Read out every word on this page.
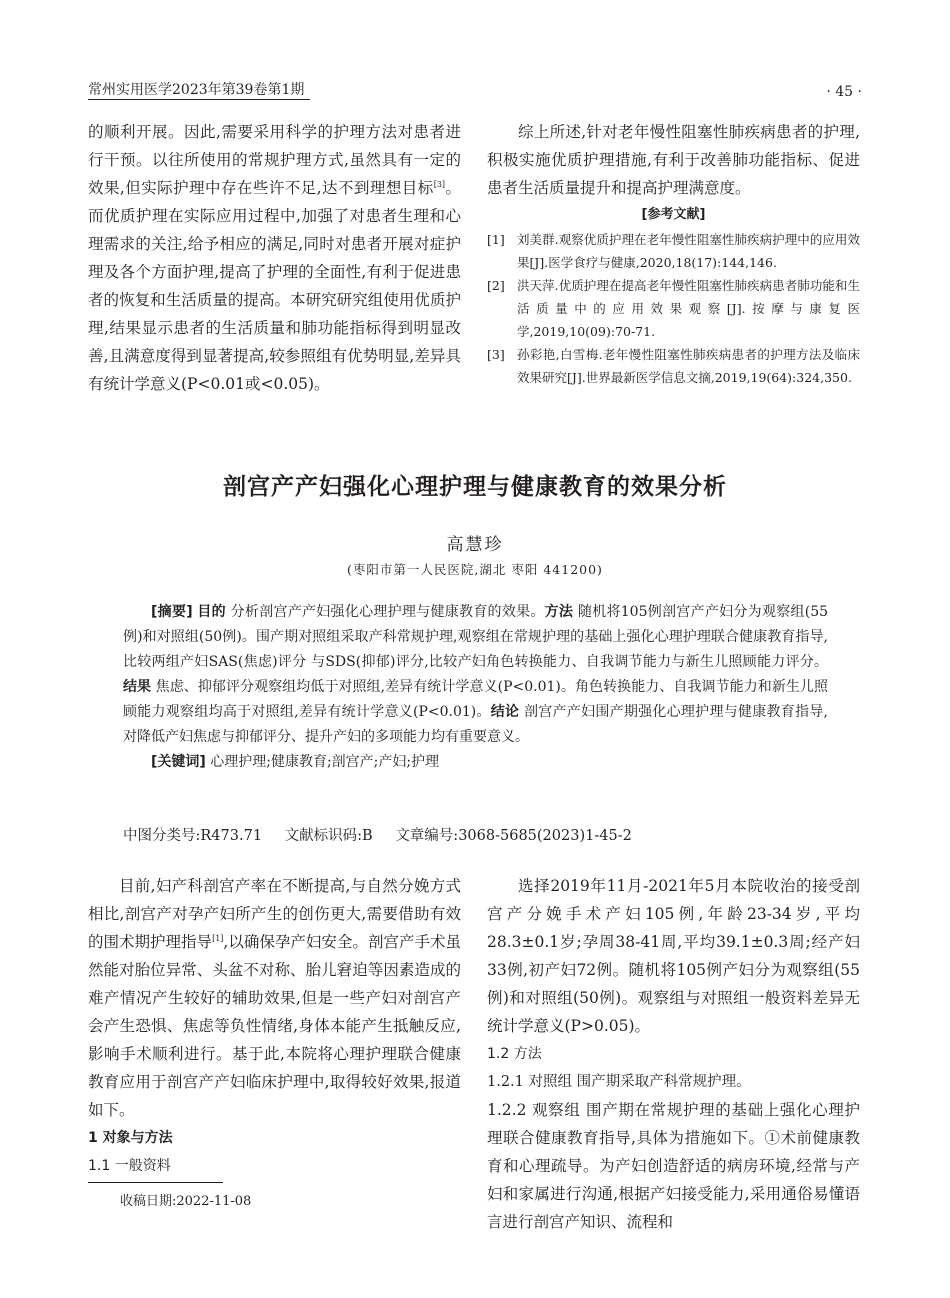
常州实用医学2023年第39卷第1期	· 45 ·

的顺利开展。因此,需要采用科学的护理方法对患者进行干预。以往所使用的常规护理方式,虽然具有一定的效果,但实际护理中存在些许不足,达不到理想目标[3]。而优质护理在实际应用过程中,加强了对患者生理和心理需求的关注,给予相应的满足,同时对患者开展对症护理及各个方面护理,提高了护理的全面性,有利于促进患者的恢复和生活质量的提高。本研究研究组使用优质护理,结果显示患者的生活质量和肺功能指标得到明显改善,且满意度得到显著提高,较参照组有优势明显,差异具有统计学意义(P<0.01或<0.05)。

综上所述,针对老年慢性阻塞性肺疾病患者的护理,积极实施优质护理措施,有利于改善肺功能指标、促进患者生活质量提升和提高护理满意度。

[参考文献]
[1] 刘美群.观察优质护理在老年慢性阻塞性肺疾病护理中的应用效果[J].医学食疗与健康,2020,18(17):144,146.
[2] 洪天萍.优质护理在提高老年慢性阻塞性肺疾病患者肺功能和生活质量中的应用效果观察[J].按摩与康复医学,2019,10(09):70-71.
[3] 孙彩艳,白雪梅.老年慢性阻塞性肺疾病患者的护理方法及临床效果研究[J].世界最新医学信息文摘,2019,19(64):324,350.
剖宫产产妇强化心理护理与健康教育的效果分析
高慧珍
(枣阳市第一人民医院,湖北 枣阳 441200)

[摘要] 目的 分析剖宫产产妇强化心理护理与健康教育的效果。方法 随机将105例剖宫产产妇分为观察组(55例)和对照组(50例)。围产期对照组采取产科常规护理,观察组在常规护理的基础上强化心理护理联合健康教育指导,比较两组产妇SAS(焦虑)评分 与SDS(抑郁)评分,比较产妇角色转换能力、自我调节能力与新生儿照顾能力评分。结果 焦虑、抑郁评分观察组均低于对照组,差异有统计学意义(P<0.01)。角色转换能力、自我调节能力和新生儿照顾能力观察组均高于对照组,差异有统计学意义(P<0.01)。结论 剖宫产产妇围产期强化心理护理与健康教育指导,对降低产妇焦虑与抑郁评分、提升产妇的多项能力均有重要意义。

[关键词] 心理护理;健康教育;剖宫产;产妇;护理

中图分类号:R473.71 文献标识码:B 文章编号:3068-5685(2023)1-45-2

目前,妇产科剖宫产率在不断提高,与自然分娩方式相比,剖宫产对孕产妇所产生的创伤更大,需要借助有效的围术期护理指导[1],以确保孕产妇安全。剖宫产手术虽然能对胎位异常、头盆不对称、胎儿窘迫等因素造成的难产情况产生较好的辅助效果,但是一些产妇对剖宫产会产生恐惧、焦虑等负性情绪,身体本能产生抵触反应,影响手术顺利进行。基于此,本院将心理护理联合健康教育应用于剖宫产产妇临床护理中,取得较好效果,报道如下。

1 对象与方法

1.1 一般资料

选择2019年11月-2021年5月本院收治的接受剖宫产分娩手术产妇105例,年龄23-34岁,平均28.3±0.1岁;孕周38-41周,平均39.1±0.3周;经产妇33例,初产妇72例。随机将105例产妇分为观察组(55例)和对照组(50例)。观察组与对照组一般资料差异无统计学意义(P>0.05)。

1.2 方法

1.2.1 对照组 围产期采取产科常规护理。

1.2.2 观察组 围产期在常规护理的基础上强化心理护理联合健康教育指导,具体为措施如下。①术前健康教育和心理疏导。为产妇创造舒适的病房环境,经常与产妇和家属进行沟通,根据产妇接受能力,采用通俗易懂语言进行剖宫产知识、流程和

收稿日期:2022-11-08
